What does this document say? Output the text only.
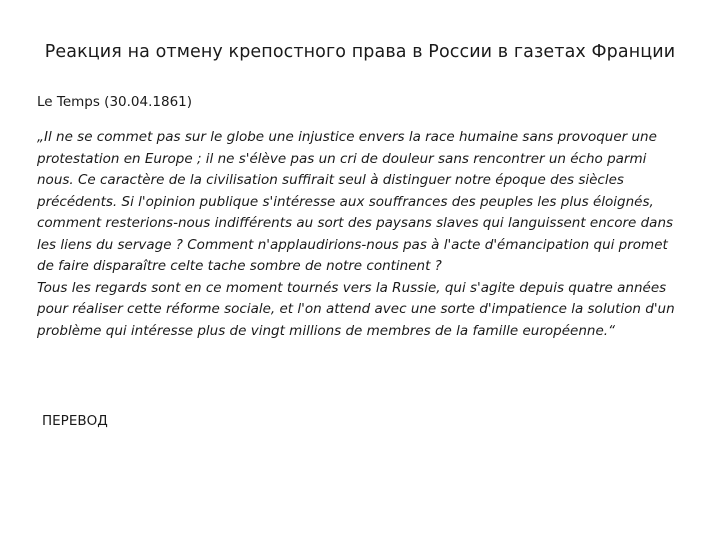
Реакция на отмену крепостного права в России в газетах Франции
Le Temps (30.04.1861)

„Il ne se commet pas sur le globe une injustice envers la race humaine sans provoquer une protestation en Europe ; il ne s'élève pas un cri de douleur sans rencontrer un écho parmi nous. Ce caractère de la civilisation suffirait seul à distinguer notre époque des siècles précédents. Si l'opinion publique s'intéresse aux souffrances des peuples les plus éloignés, comment resterions-nous indifférents au sort des paysans slaves qui languissent encore dans les liens du servage ? Comment n'applaudirions-nous pas à l'acte d'émancipation qui promet de faire disparaître celte tache sombre de notre continent ?

Tous les regards sont en ce moment tournés vers la Russie, qui s'agite depuis quatre années pour réaliser cette réforme sociale, et l'on attend avec une sorte d'impatience la solution d'un problème qui intéresse plus de vingt millions de membres de la famille européenne.“

ПЕРЕВОД
